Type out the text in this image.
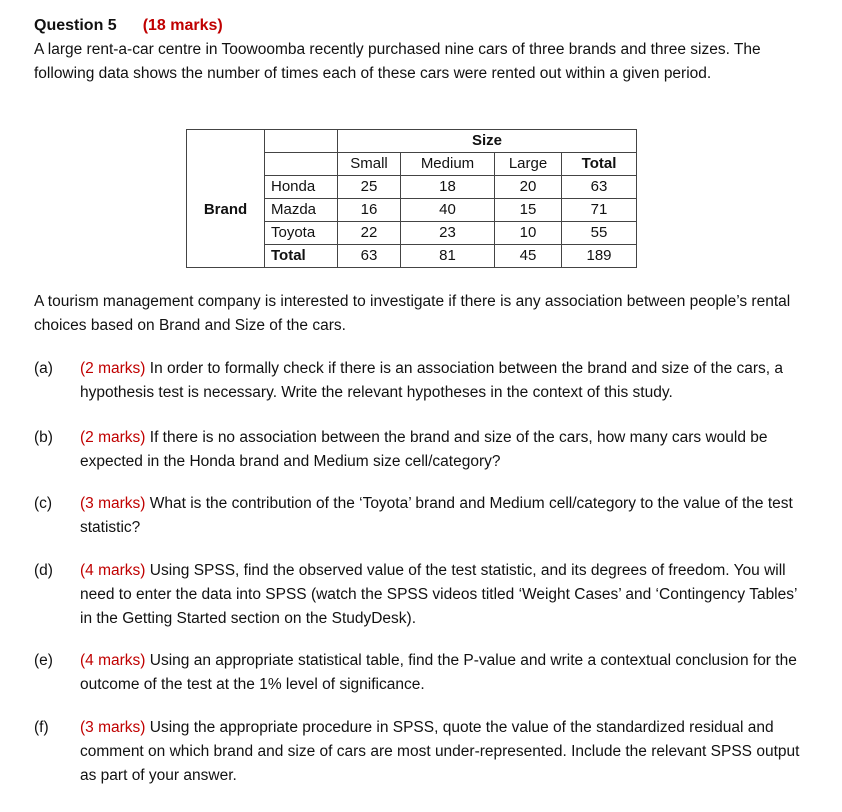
Question 5 (18 marks)

A large rent-a-car centre in Toowoomba recently purchased nine cars of three brands and three sizes. The following data shows the number of times each of these cars were rented out within a given period.

		Size			
		Small	Medium	Large	Total
	Honda	25	18	20	63
Brand	Mazda	16	40	15	71
	Toyota	22	23	10	55
	Total	63	81	45	189

A tourism management company is interested to investigate if there is any association between people’s rental choices based on Brand and Size of the cars.

(a)	(2 marks) In order to formally check if there is an association between the brand and size of the cars, a hypothesis test is necessary. Write the relevant hypotheses in the context of this study.
(b)	(2 marks) If there is no association between the brand and size of the cars, how many cars would be expected in the Honda brand and Medium size cell/category?
(c)	(3 marks) What is the contribution of the ‘Toyota’ brand and Medium cell/category to the value of the test statistic?
(d)	(4 marks) Using SPSS, find the observed value of the test statistic, and its degrees of freedom. You will need to enter the data into SPSS (watch the SPSS videos titled ‘Weight Cases’ and ‘Contingency Tables’ in the Getting Started section on the StudyDesk).
(e)	(4 marks) Using an appropriate statistical table, find the P-value and write a contextual conclusion for the outcome of the test at the 1% level of significance.
(f)	(3 marks) Using the appropriate procedure in SPSS, quote the value of the standardized residual and comment on which brand and size of cars are most under-represented. Include the relevant SPSS output as part of your answer.
